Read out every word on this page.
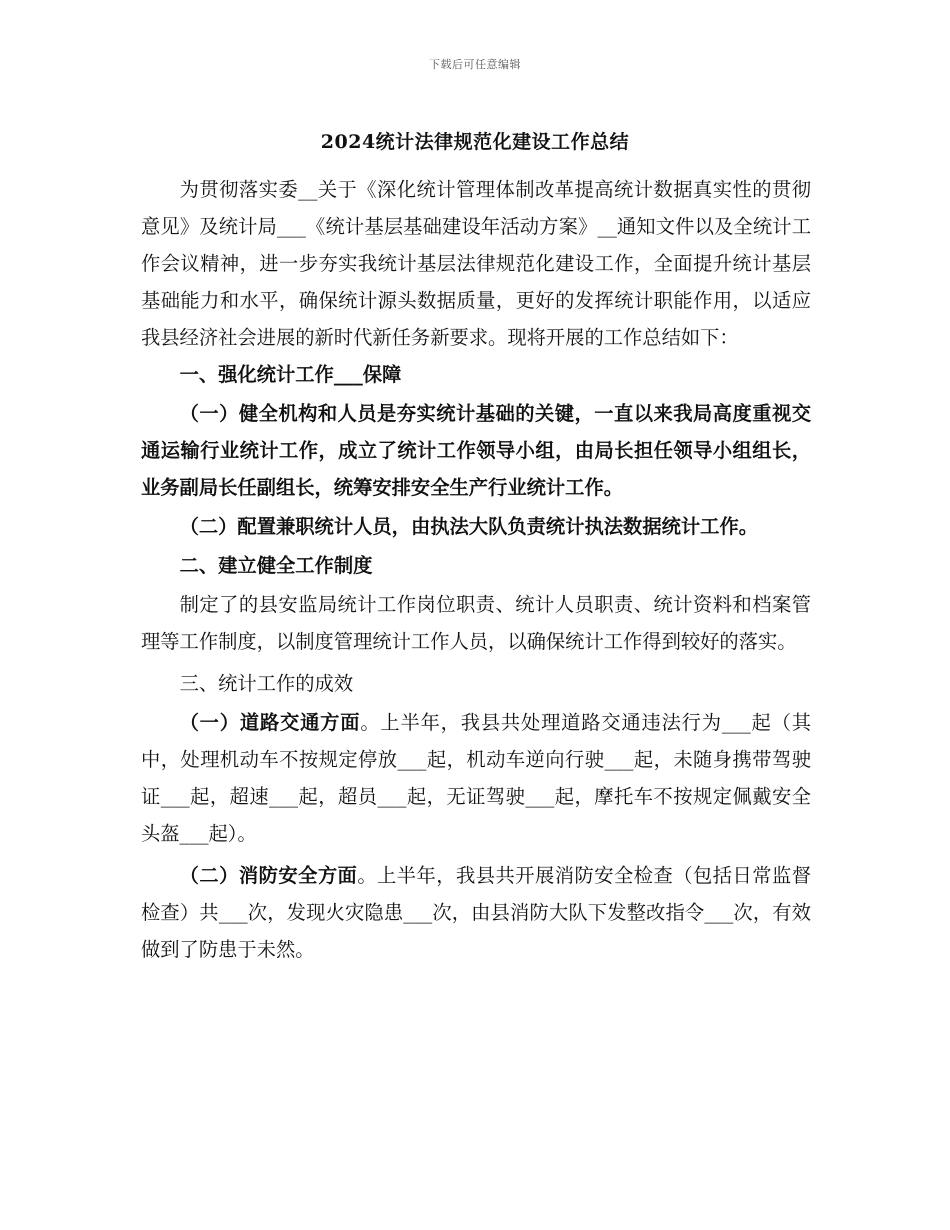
下载后可任意编辑
2024统计法律规范化建设工作总结

为贯彻落实委__关于《深化统计管理体制改革提高统计数据真实性的贯彻意见》及统计局___《统计基层基础建设年活动方案》__通知文件以及全统计工作会议精神，进一步夯实我统计基层法律规范化建设工作，全面提升统计基层基础能力和水平，确保统计源头数据质量，更好的发挥统计职能作用，以适应我县经济社会进展的新时代新任务新要求。现将开展的工作总结如下：

一、强化统计工作___保障

（一）健全机构和人员是夯实统计基础的关键，一直以来我局高度重视交通运输行业统计工作，成立了统计工作领导小组，由局长担任领导小组组长，业务副局长任副组长，统筹安排安全生产行业统计工作。

（二）配置兼职统计人员，由执法大队负责统计执法数据统计工作。

二、建立健全工作制度

制定了的县安监局统计工作岗位职责、统计人员职责、统计资料和档案管理等工作制度，以制度管理统计工作人员，以确保统计工作得到较好的落实。

三、统计工作的成效

（一）道路交通方面。上半年，我县共处理道路交通违法行为___起（其中，处理机动车不按规定停放___起，机动车逆向行驶___起，未随身携带驾驶证___起，超速___起，超员___起，无证驾驶___起，摩托车不按规定佩戴安全头盔___起）。

（二）消防安全方面。上半年，我县共开展消防安全检查（包括日常监督检查）共___次，发现火灾隐患___次，由县消防大队下发整改指令___次，有效做到了防患于未然。
